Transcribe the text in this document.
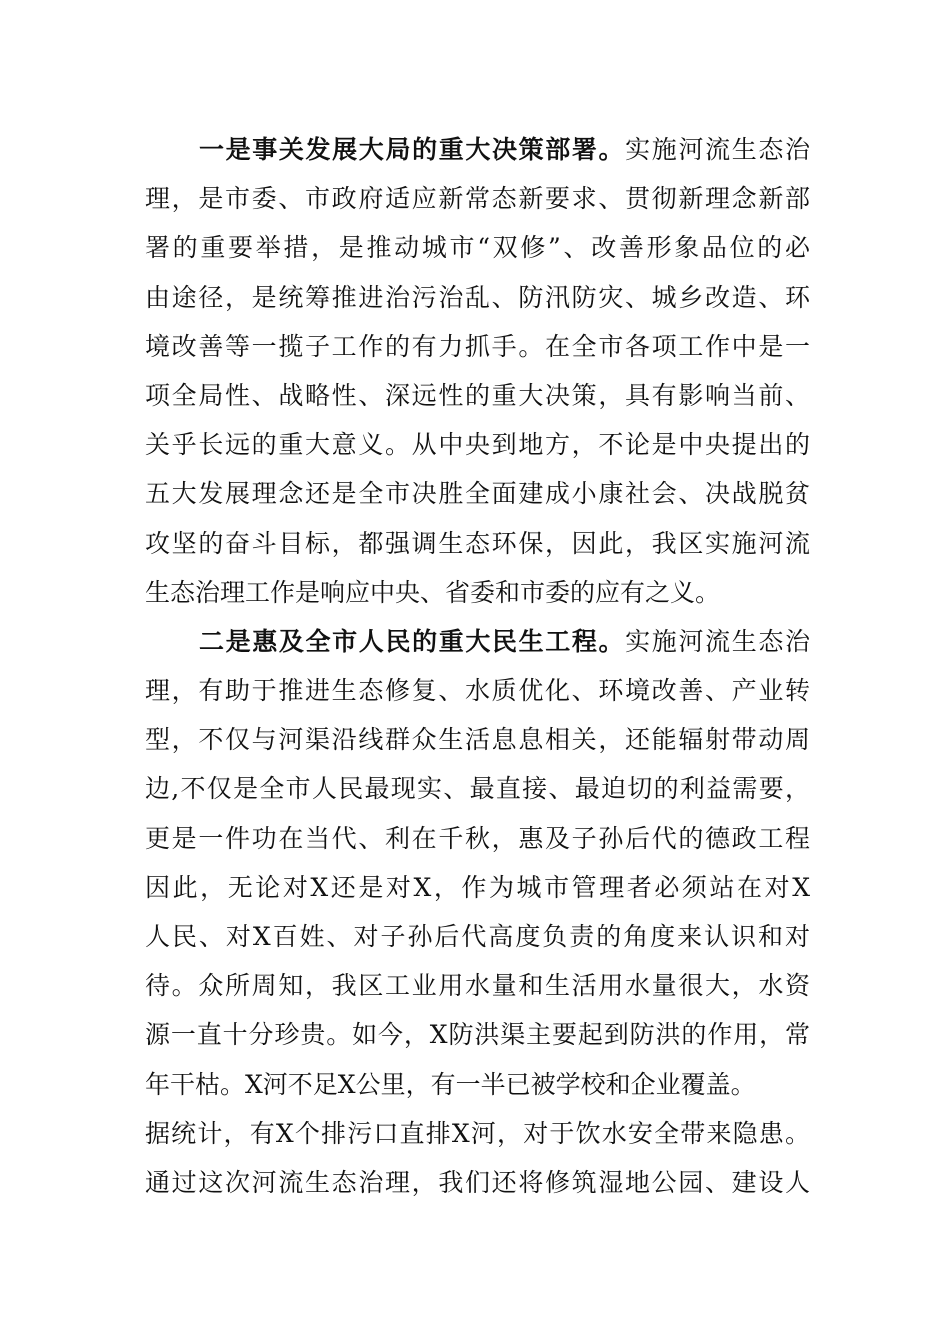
一是事关发展大局的重大决策部署。实施河流生态治
理，是市委、市政府适应新常态新要求、贯彻新理念新部
署的重要举措，是推动城市“双修”、改善形象品位的必
由途径，是统筹推进治污治乱、防汛防灾、城乡改造、环
境改善等一揽子工作的有力抓手。在全市各项工作中是一
项全局性、战略性、深远性的重大决策，具有影响当前、
关乎长远的重大意义。从中央到地方，不论是中央提出的
五大发展理念还是全市决胜全面建成小康社会、决战脱贫
攻坚的奋斗目标，都强调生态环保，因此，我区实施河流
生态治理工作是响应中央、省委和市委的应有之义。
二是惠及全市人民的重大民生工程。实施河流生态治
理，有助于推进生态修复、水质优化、环境改善、产业转
型，不仅与河渠沿线群众生活息息相关，还能辐射带动周
边,不仅是全市人民最现实、最直接、最迫切的利益需要，
更是一件功在当代、利在千秋，惠及子孙后代的德政工程
因此，无论对X还是对X，作为城市管理者必须站在对X
人民、对X百姓、对子孙后代高度负责的角度来认识和对
待。众所周知，我区工业用水量和生活用水量很大，水资
源一直十分珍贵。如今，X防洪渠主要起到防洪的作用，常
年干枯。X河不足X公里，有一半已被学校和企业覆盖。
据统计，有X个排污口直排X河，对于饮水安全带来隐患。
通过这次河流生态治理，我们还将修筑湿地公园、建设人
